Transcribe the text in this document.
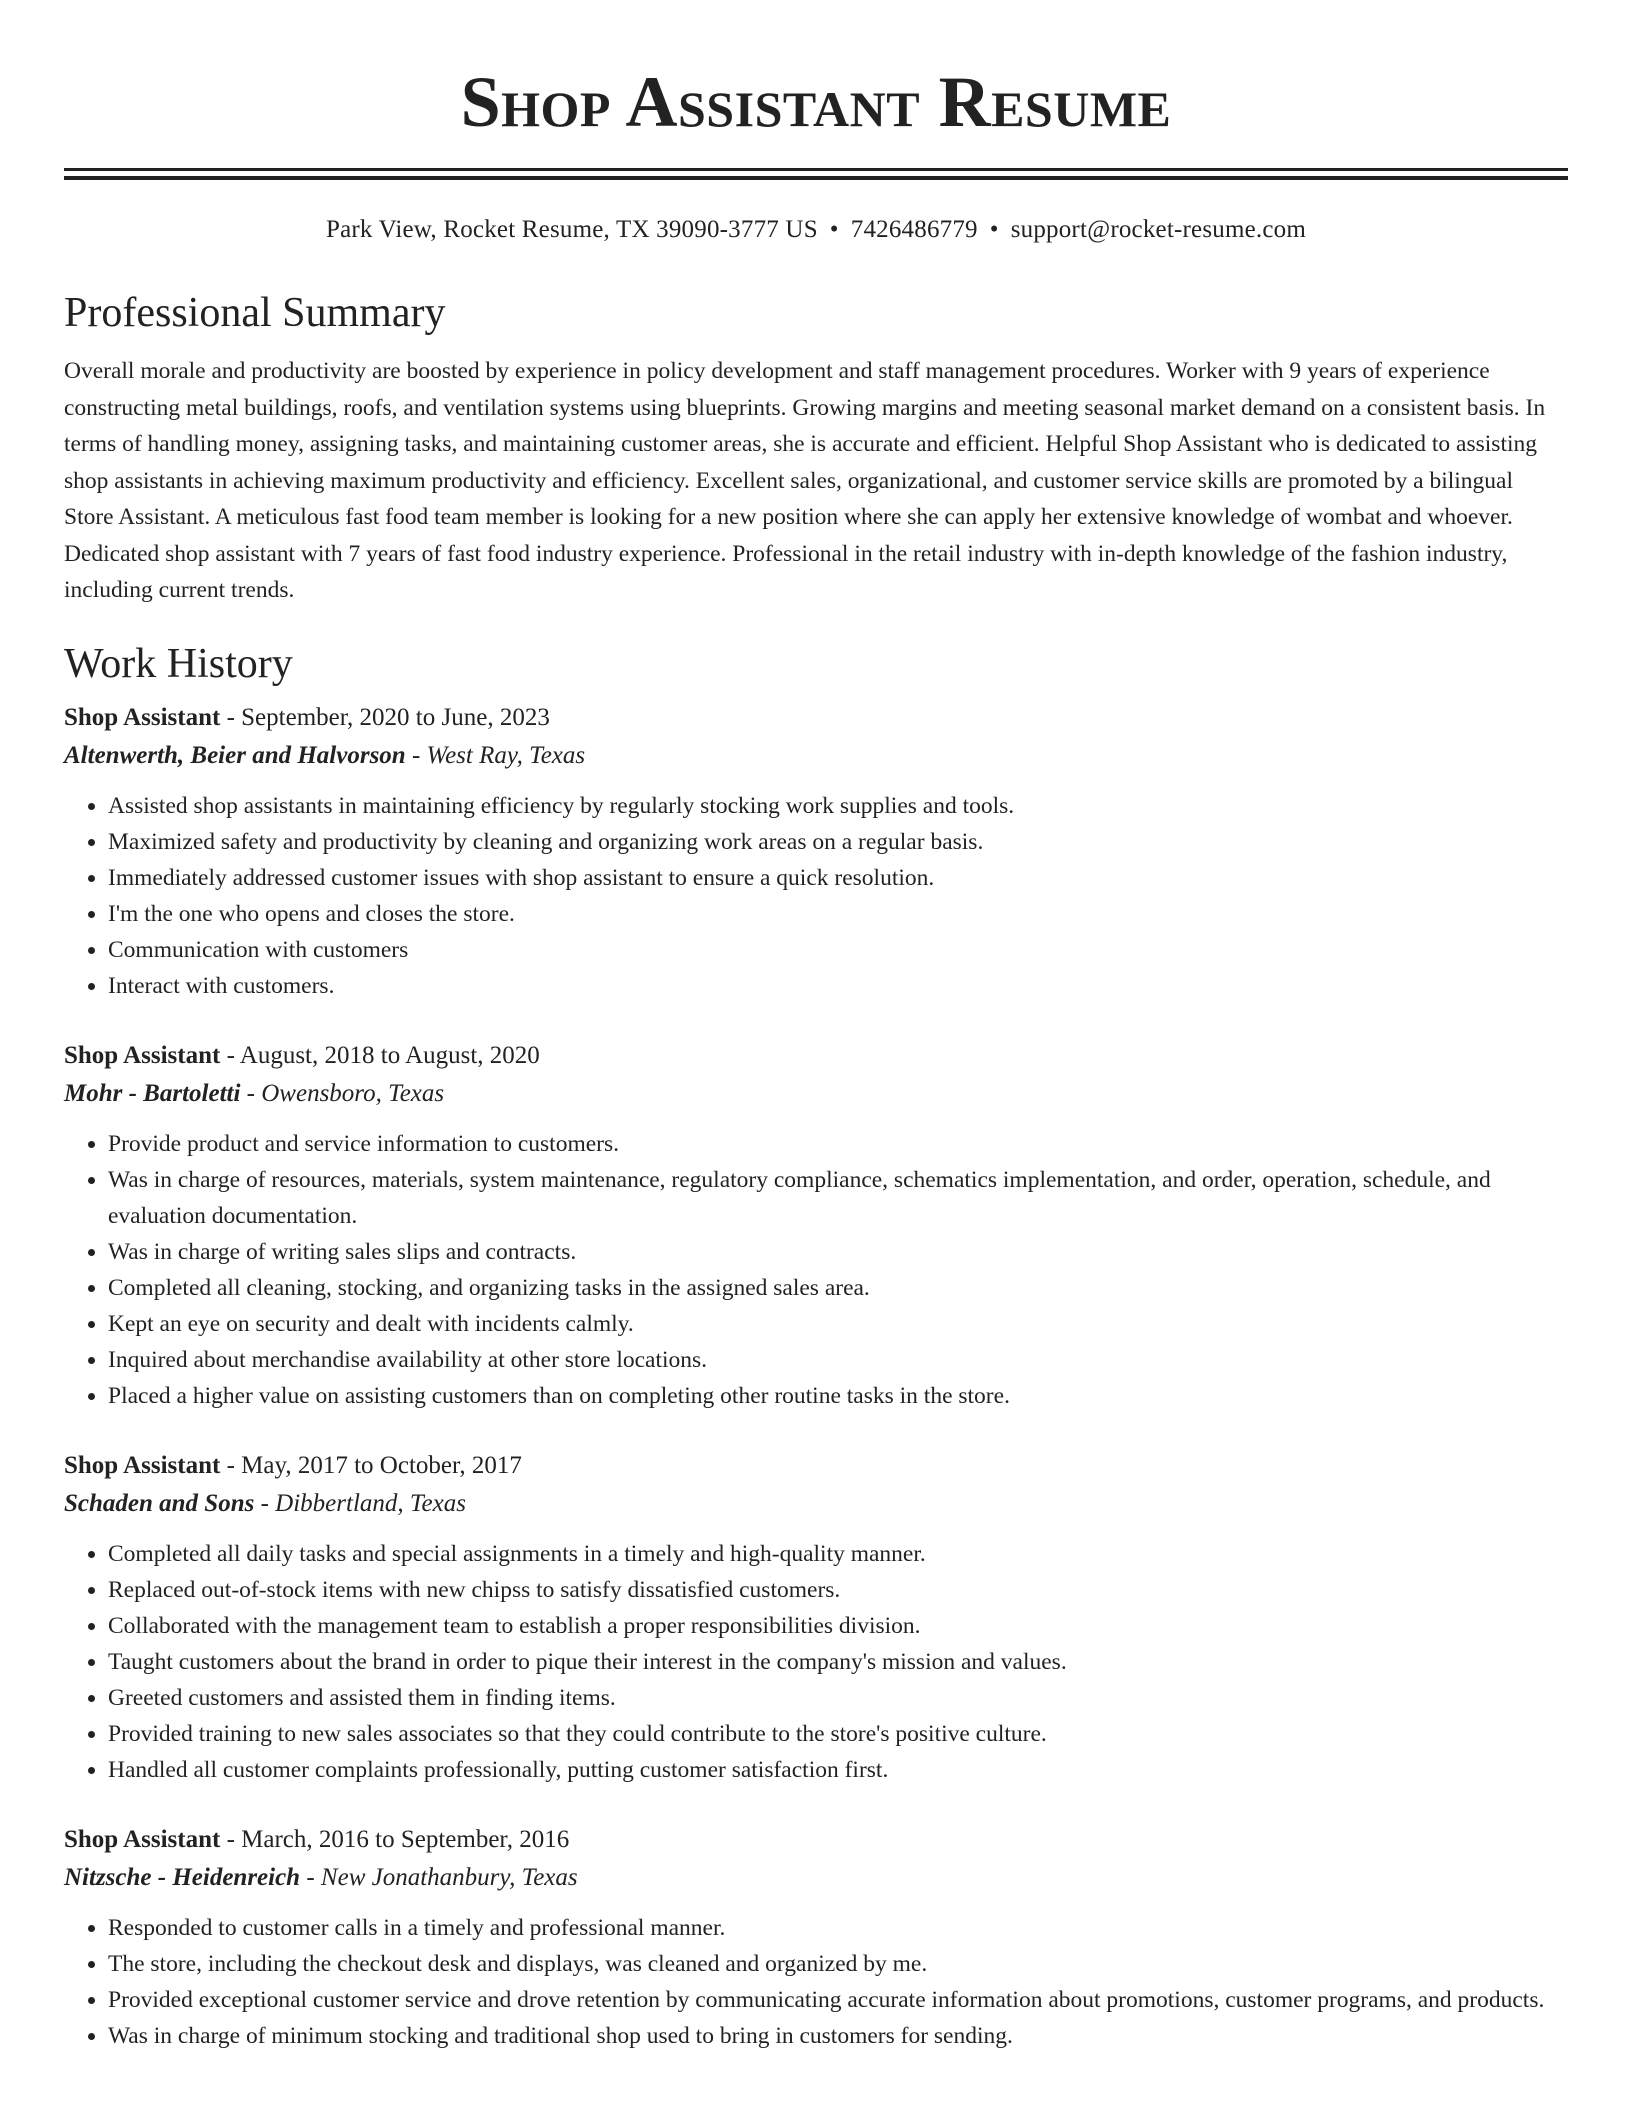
Shop Assistant Resume
Park View, Rocket Resume, TX 39090-3777 US • 7426486779 • support@rocket-resume.com
Professional Summary
Overall morale and productivity are boosted by experience in policy development and staff management procedures. Worker with 9 years of experience constructing metal buildings, roofs, and ventilation systems using blueprints. Growing margins and meeting seasonal market demand on a consistent basis. In terms of handling money, assigning tasks, and maintaining customer areas, she is accurate and efficient. Helpful Shop Assistant who is dedicated to assisting shop assistants in achieving maximum productivity and efficiency. Excellent sales, organizational, and customer service skills are promoted by a bilingual Store Assistant. A meticulous fast food team member is looking for a new position where she can apply her extensive knowledge of wombat and whoever. Dedicated shop assistant with 7 years of fast food industry experience. Professional in the retail industry with in-depth knowledge of the fashion industry, including current trends.
Work History
Shop Assistant - September, 2020 to June, 2023
Altenwerth, Beier and Halvorson - West Ray, Texas
• Assisted shop assistants in maintaining efficiency by regularly stocking work supplies and tools.
• Maximized safety and productivity by cleaning and organizing work areas on a regular basis.
• Immediately addressed customer issues with shop assistant to ensure a quick resolution.
• I'm the one who opens and closes the store.
• Communication with customers
• Interact with customers.
Shop Assistant - August, 2018 to August, 2020
Mohr - Bartoletti - Owensboro, Texas
• Provide product and service information to customers.
• Was in charge of resources, materials, system maintenance, regulatory compliance, schematics implementation, and order, operation, schedule, and evaluation documentation.
• Was in charge of writing sales slips and contracts.
• Completed all cleaning, stocking, and organizing tasks in the assigned sales area.
• Kept an eye on security and dealt with incidents calmly.
• Inquired about merchandise availability at other store locations.
• Placed a higher value on assisting customers than on completing other routine tasks in the store.
Shop Assistant - May, 2017 to October, 2017
Schaden and Sons - Dibbertland, Texas
• Completed all daily tasks and special assignments in a timely and high-quality manner.
• Replaced out-of-stock items with new chipss to satisfy dissatisfied customers.
• Collaborated with the management team to establish a proper responsibilities division.
• Taught customers about the brand in order to pique their interest in the company's mission and values.
• Greeted customers and assisted them in finding items.
• Provided training to new sales associates so that they could contribute to the store's positive culture.
• Handled all customer complaints professionally, putting customer satisfaction first.
Shop Assistant - March, 2016 to September, 2016
Nitzsche - Heidenreich - New Jonathanbury, Texas
• Responded to customer calls in a timely and professional manner.
• The store, including the checkout desk and displays, was cleaned and organized by me.
• Provided exceptional customer service and drove retention by communicating accurate information about promotions, customer programs, and products.
• Was in charge of minimum stocking and traditional shop used to bring in customers for sending.
